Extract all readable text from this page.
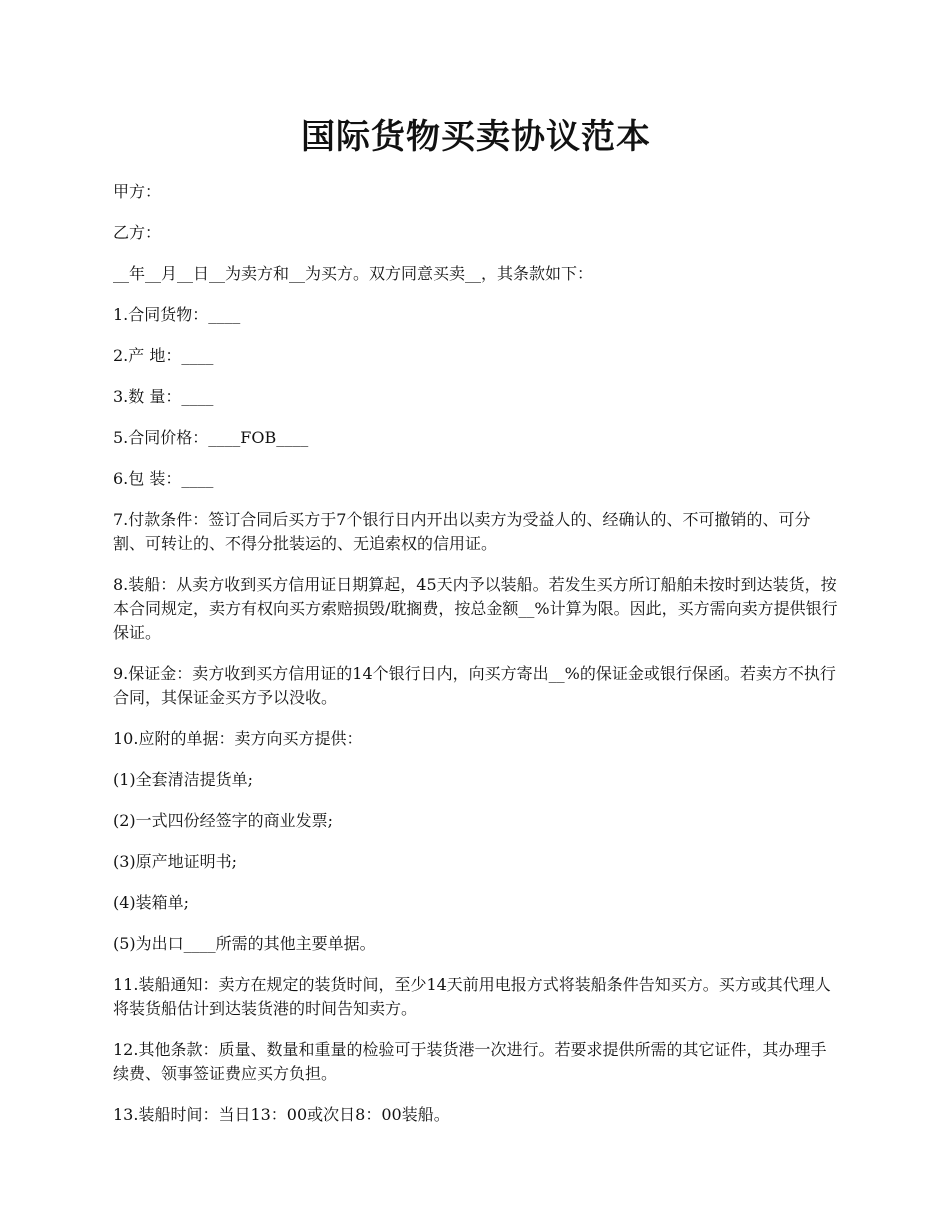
国际货物买卖协议范本

甲方：

乙方：

__年__月__日__为卖方和__为买方。双方同意买卖__，其条款如下：

1.合同货物：____

2.产 地：____

3.数 量：____

5.合同价格：____FOB____

6.包 装：____

7.付款条件：签订合同后买方于7个银行日内开出以卖方为受益人的、经确认的、不可撤销的、可分割、可转让的、不得分批装运的、无追索权的信用证。

8.装船：从卖方收到买方信用证日期算起，45天内予以装船。若发生买方所订船舶未按时到达装货，按本合同规定，卖方有权向买方索赔损毁/耽搁费，按总金额__%计算为限。因此，买方需向卖方提供银行保证。

9.保证金：卖方收到买方信用证的14个银行日内，向买方寄出__%的保证金或银行保函。若卖方不执行合同，其保证金买方予以没收。

10.应附的单据：卖方向买方提供：

(1)全套清洁提货单;

(2)一式四份经签字的商业发票;

(3)原产地证明书;

(4)装箱单;

(5)为出口____所需的其他主要单据。

11.装船通知：卖方在规定的装货时间，至少14天前用电报方式将装船条件告知买方。买方或其代理人将装货船估计到达装货港的时间告知卖方。

12.其他条款：质量、数量和重量的检验可于装货港一次进行。若要求提供所需的其它证件，其办理手续费、领事签证费应买方负担。

13.装船时间：当日13：00或次日8：00装船。
